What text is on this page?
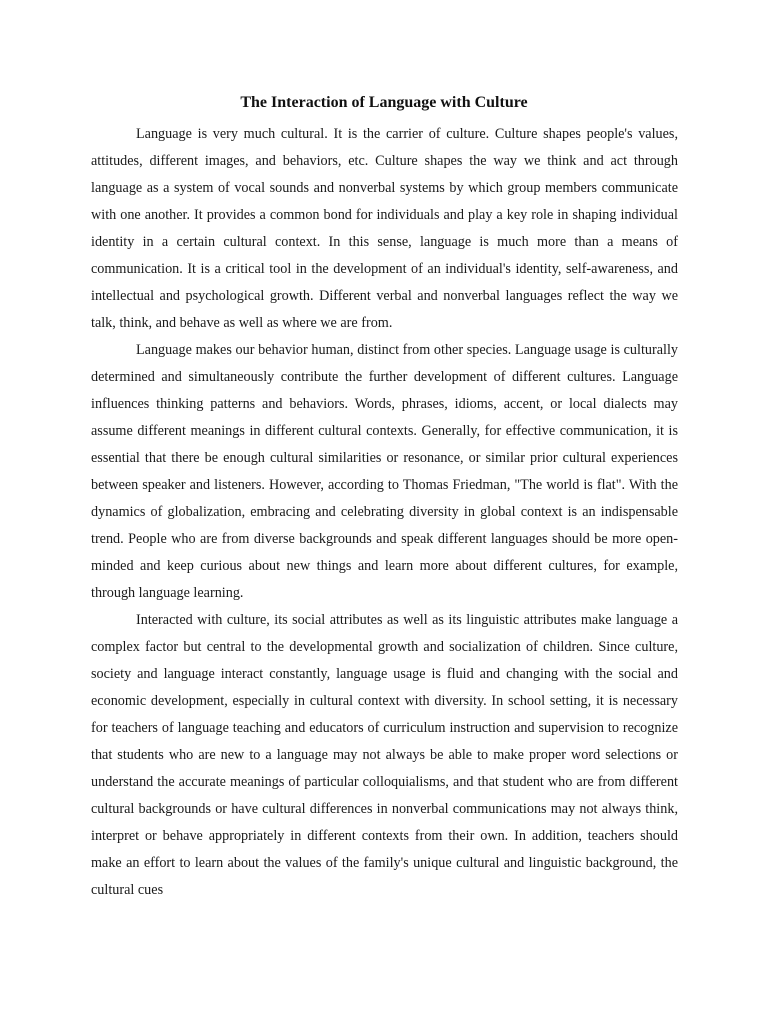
The Interaction of Language with Culture

Language is very much cultural. It is the carrier of culture. Culture shapes people's values, attitudes, different images, and behaviors, etc. Culture shapes the way we think and act through language as a system of vocal sounds and nonverbal systems by which group members communicate with one another. It provides a common bond for individuals and play a key role in shaping individual identity in a certain cultural context. In this sense, language is much more than a means of communication. It is a critical tool in the development of an individual's identity, self-awareness, and intellectual and psychological growth. Different verbal and nonverbal languages reflect the way we talk, think, and behave as well as where we are from.

Language makes our behavior human, distinct from other species. Language usage is culturally determined and simultaneously contribute the further development of different cultures. Language influences thinking patterns and behaviors. Words, phrases, idioms, accent, or local dialects may assume different meanings in different cultural contexts. Generally, for effective communication, it is essential that there be enough cultural similarities or resonance, or similar prior cultural experiences between speaker and listeners. However, according to Thomas Friedman, "The world is flat". With the dynamics of globalization, embracing and celebrating diversity in global context is an indispensable trend. People who are from diverse backgrounds and speak different languages should be more open-minded and keep curious about new things and learn more about different cultures, for example, through language learning.

Interacted with culture, its social attributes as well as its linguistic attributes make language a complex factor but central to the developmental growth and socialization of children. Since culture, society and language interact constantly, language usage is fluid and changing with the social and economic development, especially in cultural context with diversity. In school setting, it is necessary for teachers of language teaching and educators of curriculum instruction and supervision to recognize that students who are new to a language may not always be able to make proper word selections or understand the accurate meanings of particular colloquialisms, and that student who are from different cultural backgrounds or have cultural differences in nonverbal communications may not always think, interpret or behave appropriately in different contexts from their own. In addition, teachers should make an effort to learn about the values of the family's unique cultural and linguistic background, the cultural cues
